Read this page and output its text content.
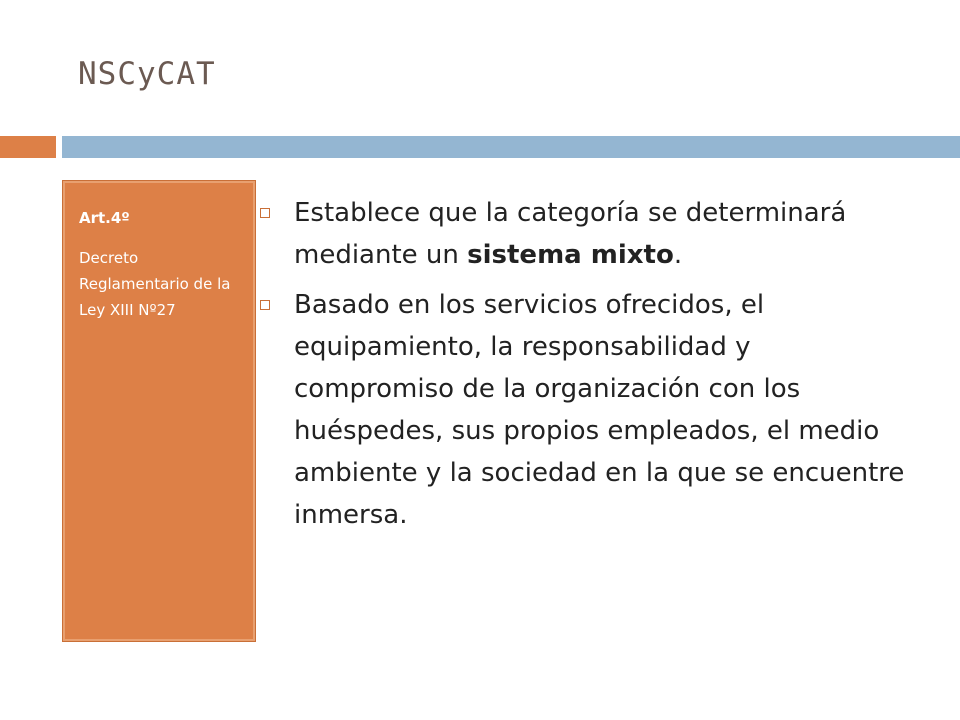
NSCyCAT

Art.4º

Decreto Reglamentario de la Ley XIII Nº27

Establece que la categoría se determinará mediante un sistema mixto.
Basado en los servicios ofrecidos, el equipamiento, la responsabilidad y compromiso de la organización con los huéspedes, sus propios empleados, el medio ambiente y la sociedad en la que se encuentre inmersa.
